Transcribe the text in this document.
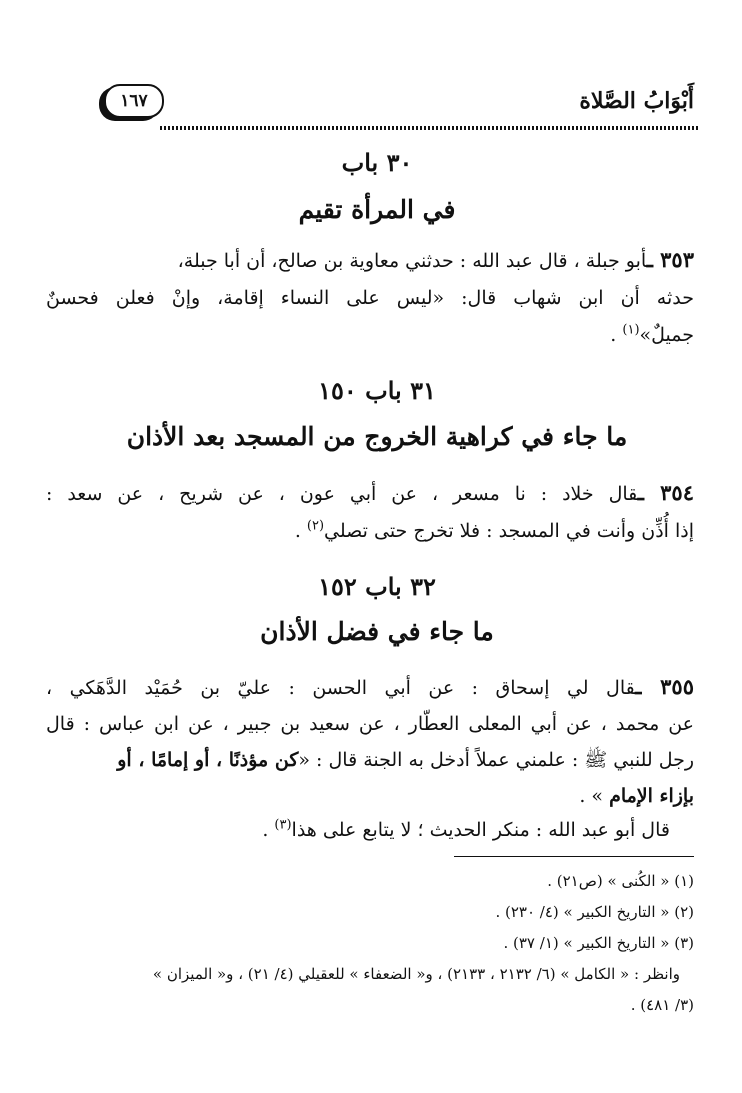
أَبْوَابُ الصَّلاة
١٦٧
٣٠ باب
في المرأة تقيم
٣٥٣ ـأبو جبلة ، قال عبد الله : حدثني معاوية بن صالح، أن أبا جبلة،
حدثه أن ابن شهاب قال: «ليس على النساء إقامة، وإنْ فعلن فحسنٌ
جميلٌ»$^{(١)}$ .
٣١ باب ١٥٠
ما جاء في كراهية الخروج من المسجد بعد الأذان
٣٥٤ ـقال خلاد : نا مسعر ، عن أبي عون ، عن شريح ، عن سعد :
إذا أُذِّن وأنت في المسجد : فلا تخرج حتى تصلي$^{(٢)}$ .
٣٢ باب ١٥٢
ما جاء في فضل الأذان
٣٥٥ ـقال لي إسحاق : عن أبي الحسن : عليّ بن حُمَيْد الدَّهَكي ،
عن محمد ، عن أبي المعلى العطّار ، عن سعيد بن جبير ، عن ابن عباس : قال
رجل للنبي ﷺ : علمني عملاً أدخل به الجنة قال : «كن مؤذنًا ، أو إمامًا ، أو
بإزاء الإمام » .
قال أبو عبد الله : منكر الحديث ؛ لا يتابع على هذا$^{(٣)}$ .
(١) « الكُنى » (ص٢١) .
(٢) « التاريخ الكبير » (٤/ ٢٣٠) .
(٣) « التاريخ الكبير » (١/ ٣٧) .
وانظر : « الكامل » (٦/ ٢١٣٢ ، ٢١٣٣) ، و« الضعفاء » للعقيلي (٤/ ٢١) ، و« الميزان »
(٣/ ٤٨١) .
